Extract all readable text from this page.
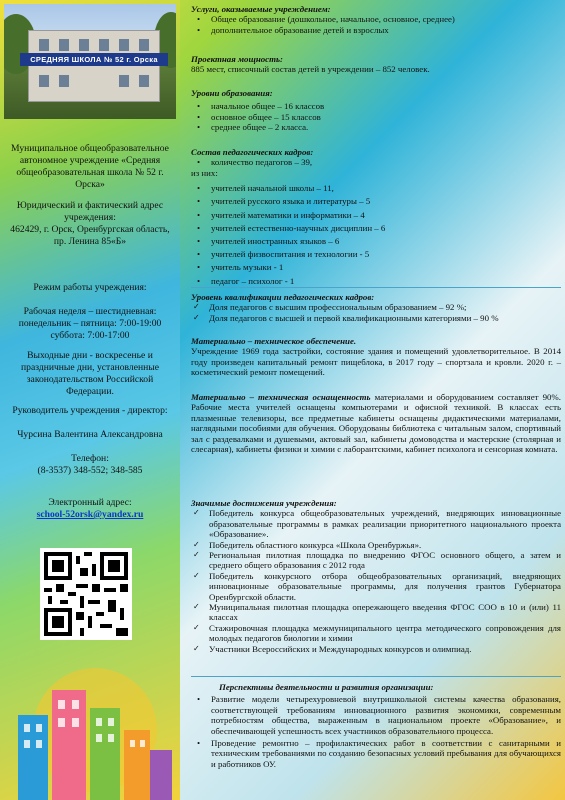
СРЕДНЯЯ ШКОЛА № 52 г. Орска
Муниципальное общеобразовательное автономное учреждение «Средняя общеобразовательная школа № 52 г. Орска»
Юридический и фактический адрес учреждения:
462429, г. Орск, Оренбургская область, пр. Ленина 85«Б»
Режим работы учреждения:
Рабочая неделя – шестидневная:
понедельник – пятница: 7:00-19:00
суббота: 7:00-17:00
Выходные дни - воскресенье и праздничные дни, установленные законодательством Российской Федерации.
Руководитель учреждения - директор:
Чурсина Валентина Александровна
Телефон:
(8-3537) 348-552; 348-585
Электронный адрес:
school-52orsk@yandex.ru

Услуги, оказываемые учреждением:

• Общее образование (дошкольное, начальное, основное, среднее)
• дополнительное образование детей и взрослых

Проектная мощность:

885 мест, списочный состав детей в учреждении – 852 человек.

Уровни образования:

• начальное общее – 16 классов
• основное общее – 15 классов
• среднее общее – 2 класса.

Состав педагогических кадров:

• количество педагогов – 39,
из них:
• учителей начальной школы – 11,
• учителей русского языка и литературы – 5
• учителей математики и информатики – 4
• учителей естественно-научных дисциплин – 6
• учителей иностранных языков – 6
• учителей физвоспитания и технологии - 5
• учитель музыки - 1
• педагог – психолог - 1

Уровень квалификации педагогических кадров:

✓ Доля педагогов с высшим профессиональным образованием – 92 %;
✓ Доля педагогов с высшей и первой квалификационными категориями – 90 %

Материально – техническое обеспечение.

Учреждение 1969 года застройки, состояние здания и помещений удовлетворительное. В 2014 году произведен капитальный ремонт пищеблока, в 2017 году – спортзала и кровли. 2020 г. – косметический ремонт помещений.
Материально – техническая оснащенность материалами и оборудованием составляет 90%. Рабочие места учителей оснащены компьютерами и офисной техникой. В классах есть плазменные телевизоры, все предметные кабинеты оснащены дидактическими материалами, наглядными пособиями для обучения. Оборудованы библиотека с читальным залом, спортивный зал с раздевалками и душевыми, актовый зал, кабинеты домоводства и мастерские (столярная и слесарная), кабинеты физики и химии с лаборантскими, кабинет психолога и сенсорная комната.

Значимые достижения учреждения:

✓ Победитель конкурса общеобразовательных учреждений, внедряющих инновационные образовательные программы в рамках реализации приоритетного национального проекта «Образование».
✓ Победитель областного конкурса «Школа Оренбуржья».
✓ Региональная пилотная площадка по внедрению ФГОС основного общего, а затем и среднего общего образования с 2012 года
✓ Победитель конкурсного отбора общеобразовательных организаций, внедряющих инновационные образовательные программы, для получения грантов Губернатора Оренбургской области.
✓ Муниципальная пилотная площадка опережающего введения ФГОС СОО в 10 и (или) 11 классах
✓ Стажировочная площадка межмуниципального центра методического сопровождения для молодых педагогов биологии и химии
✓ Участники Всероссийских и Международных конкурсов и олимпиад.

Перспективы деятельности и развития организации:

• Развитие модели четырехуровневой внутришкольной системы качества образования, соответствующей требованиям инновационного развития экономики, современным потребностям общества, выраженным в национальном проекте «Образование», и обеспечивающей успешность всех участников образовательного процесса.
• Проведение ремонтно – профилактических работ в соответствии с санитарными и техническим требованиями по созданию безопасных условий пребывания для обучающихся и работников ОУ.
